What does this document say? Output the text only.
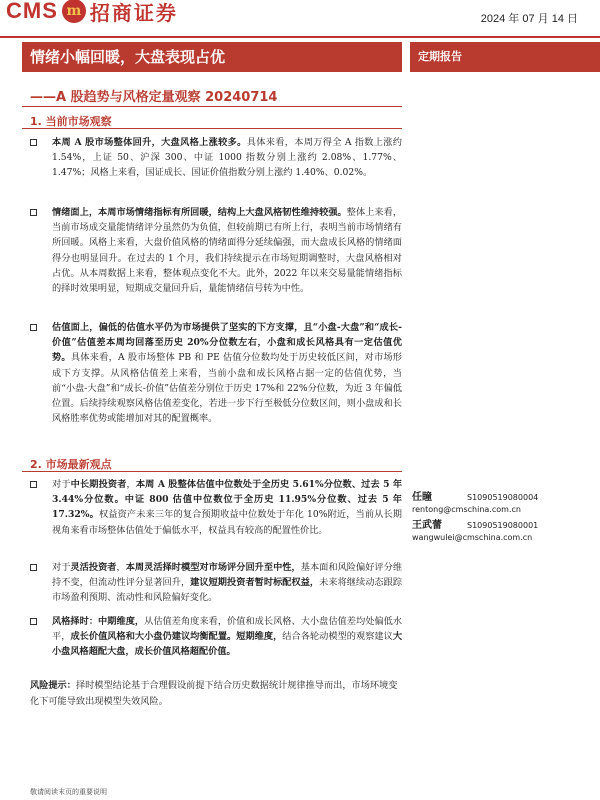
CMS m 招商证券	2024 年 07 月 14 日
情绪小幅回暖，大盘表现占优
——A 股趋势与风格定量观察 20240714
定期报告
1. 当前市场观察
本周 A 股市场整体回升，大盘风格上涨较多。具体来看，本周万得全 A 指数上涨约 1.54%，上证 50、沪深 300、中证 1000 指数分别上涨约 2.08%、1.77%、1.47%；风格上来看，国证成长、国证价值指数分别上涨约 1.40%、0.02%。
情绪面上，本周市场情绪指标有所回暖，结构上大盘风格韧性维持较强。整体上来看，当前市场成交量能情绪评分虽然仍为负值，但较前期已有所上行，表明当前市场情绪有所回暖。风格上来看，大盘价值风格的情绪面得分延续偏强，而大盘成长风格的情绪面得分也明显回升。在过去的 1 个月，我们持续提示在市场短期调整时，大盘风格相对占优。从本周数据上来看，整体观点变化不大。此外，2022 年以来交易量能情绪指标的择时效果明显，短期成交量回升后，量能情绪信号转为中性。
估值面上，偏低的估值水平仍为市场提供了坚实的下方支撑，且“小盘-大盘”和“成长-价值”估值差本周均回落至历史 20%分位数左右，小盘和成长风格具有一定估值优势。具体来看，A 股市场整体 PB 和 PE 估值分位数均处于历史较低区间，对市场形成下方支撑。从风格估值差上来看，当前小盘和成长风格占据一定的估值优势，当前“小盘-大盘”和“成长-价值”估值差分别位于历史 17%和 22%分位数，为近 3 年偏低位置。后续持续观察风格估值差变化，若进一步下行至极低分位数区间，则小盘成和长风格胜率优势或能增加对其的配置概率。
2. 市场最新观点
对于中长期投资者，本周 A 股整体估值中位数处于全历史 5.61%分位数、过去 5 年 3.44%分位数。中证 800 估值中位数位于全历史 11.95%分位数、过去 5 年 17.32%。权益资产未来三年的复合预期收益中位数处于年化 10%附近，当前从长期视角来看市场整体估值处于偏低水平，权益具有较高的配置性价比。
对于灵活投资者，本周灵活择时模型对市场评分回升至中性，基本面和风险偏好评分维持不变，但流动性评分显著回升，建议短期投资者暂时标配权益，未来将继续动态跟踪市场盈利预期、流动性和风险偏好变化。
风格择时：中期维度，从估值差角度来看，价值和成长风格、大小盘估值差均处偏低水平，成长价值风格和大小盘仍建议均衡配置。短期维度，结合各轮动模型的观察建议大小盘风格超配大盘，成长价值风格超配价值。
风险提示：择时模型结论基于合理假设前提下结合历史数据统计规律推导而出，市场环境变化下可能导致出现模型失效风险。
任瞳	S1090519080004
rentong@cmschina.com.cn
王武蕾	S1090519080001
wangwulei@cmschina.com.cn
敬请阅读末页的重要说明
